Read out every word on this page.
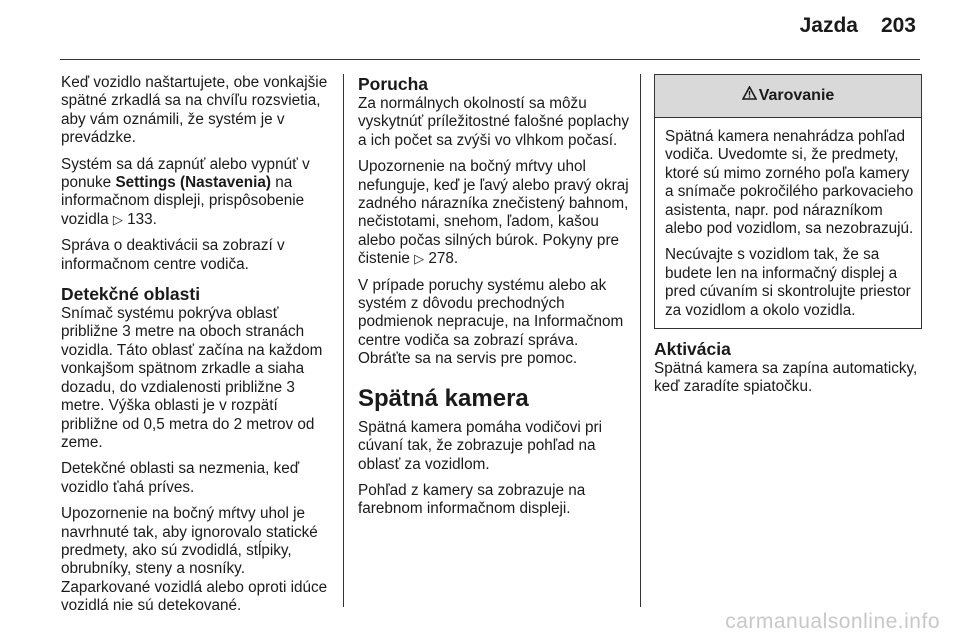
Jazda	203

Keď vozidlo naštartujete, obe vonkajšie spätné zrkadlá sa na chvíľu rozsvietia, aby vám oznámili, že systém je v prevádzke.

Systém sa dá zapnúť alebo vypnúť v ponuke Settings (Nastavenia) na informačnom displeji, prispôsobenie vozidla ▷ 133.

Správa o deaktivácii sa zobrazí v informačnom centre vodiča.

Detekčné oblasti

Snímač systému pokrýva oblasť približne 3 metre na oboch stranách vozidla. Táto oblasť začína na každom vonkajšom spätnom zrkadle a siaha dozadu, do vzdialenosti približne 3 metre. Výška oblasti je v rozpätí približne od 0,5 metra do 2 metrov od zeme.

Detekčné oblasti sa nezmenia, keď vozidlo ťahá príves.

Upozornenie na bočný mŕtvy uhol je navrhnuté tak, aby ignorovalo statické predmety, ako sú zvodidlá, stĺpiky, obrubníky, steny a nosníky. Zaparkované vozidlá alebo oproti idúce vozidlá nie sú detekované.

Porucha

Za normálnych okolností sa môžu vyskytnúť príležitostné falošné poplachy a ich počet sa zvýši vo vlhkom počasí.

Upozornenie na bočný mŕtvy uhol nefunguje, keď je ľavý alebo pravý okraj zadného nárazníka znečistený bahnom, nečistotami, snehom, ľadom, kašou alebo počas silných búrok. Pokyny pre čistenie ▷ 278.

V prípade poruchy systému alebo ak systém z dôvodu prechodných podmienok nepracuje, na Informačnom centre vodiča sa zobrazí správa. Obráťte sa na servis pre pomoc.

Spätná kamera

Spätná kamera pomáha vodičovi pri cúvaní tak, že zobrazuje pohľad na oblasť za vozidlom.

Pohľad z kamery sa zobrazuje na farebnom informačnom displeji.

Varovanie

Spätná kamera nenahrádza pohľad vodiča. Uvedomte si, že predmety, ktoré sú mimo zorného poľa kamery a snímače pokročilého parkovacieho asistenta, napr. pod nárazníkom alebo pod vozidlom, sa nezobrazujú.

Necúvajte s vozidlom tak, že sa budete len na informačný displej a pred cúvaním si skontrolujte priestor za vozidlom a okolo vozidla.

Aktivácia

Spätná kamera sa zapína automaticky, keď zaradíte spiatočku.

carmanualsonline.info
